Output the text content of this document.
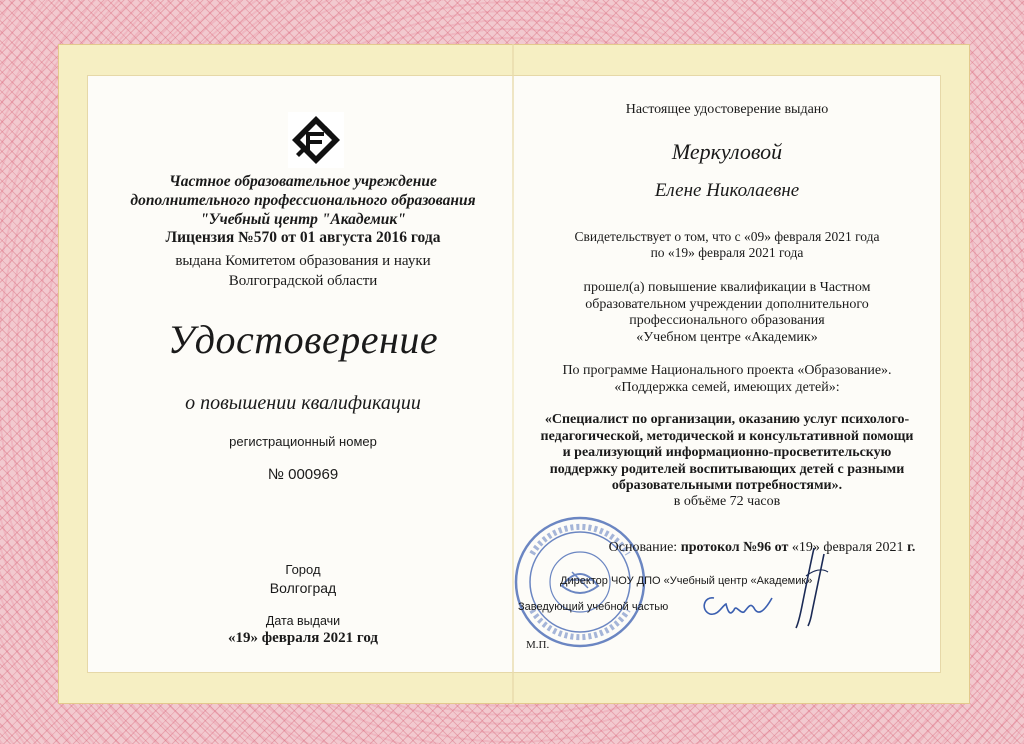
Частное образовательное учреждение
дополнительного профессионального образования
"Учебный центр "Академик"
Лицензия №570 от 01 августа 2016 года
выдана Комитетом образования и науки
Волгоградской области
Удостоверение
о повышении квалификации
регистрационный номер
№ 000969
Город
Волгоград
Дата выдачи
«19» февраля 2021 год
Настоящее удостоверение выдано
Меркуловой
Елене Николаевне
Свидетельствует о том, что с «09» февраля 2021 года
по «19» февраля 2021 года
прошел(а) повышение квалификации в Частном
образовательном учреждении дополнительного
профессионального образования
«Учебном центре «Академик»
По программе Национального проекта «Образование».
«Поддержка семей, имеющих детей»:
«Специалист по организации, оказанию услуг психолого-
педагогической, методической и консультативной помощи
и реализующий информационно-просветительскую
поддержку родителей воспитывающих детей с разными
образовательными потребностями».
в объёме 72 часов
Основание: протокол №96 от «19» февраля 2021 г.
Директор ЧОУ ДПО «Учебный центр «Академик»
Заведующий учебной частью
М.П.
